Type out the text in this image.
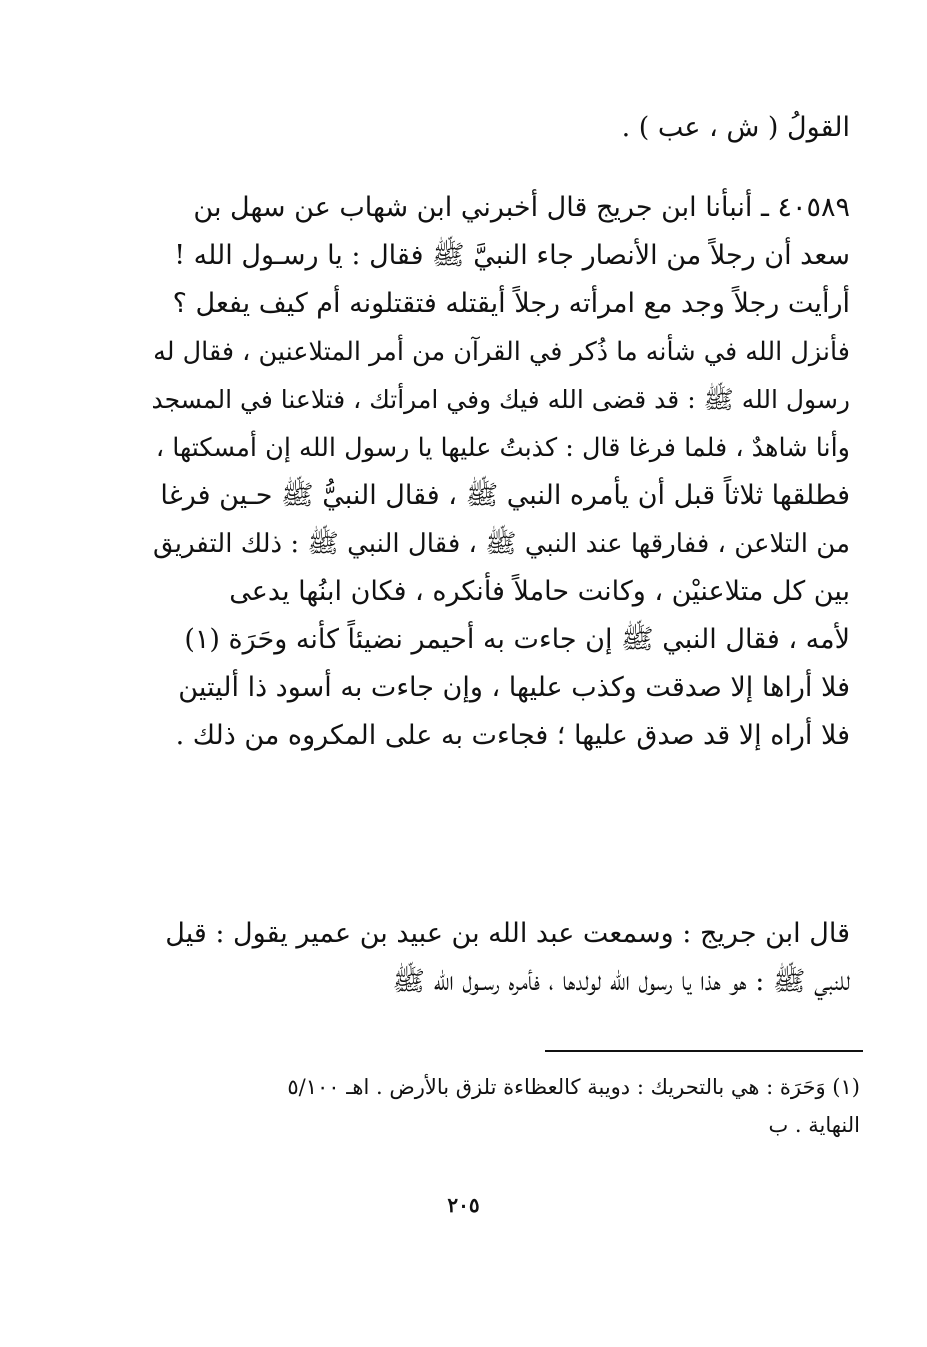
القولُ ( ش ، عب ) .
٤٠٥٨٩ ـ أنبأنا ابن جريج قال أخبرني ابن شهاب عن سهل بن
سعد أن رجلاً من الأنصار جاء النبيَّ ﷺ فقال : يا رسـول الله !
أرأيت رجلاً وجد مع امرأته رجلاً أيقتله فتقتلونه أم كيف يفعل ؟
فأنزل الله في شأنه ما ذُكر في القرآن من أمر المتلاعنين ، فقال له
رسول الله ﷺ : قد قضى الله فيك وفي امرأتك ، فتلاعنا في المسجد
وأنا شاهدٌ ، فلما فرغا قال : كذبتُ عليها يا رسول الله إن أمسكتها ،
فطلقها ثلاثاً قبل أن يأمره النبي ﷺ ، فقال النبيُّ ﷺ حـين فرغا
من التلاعن ، ففارقها عند النبي ﷺ ، فقال النبي ﷺ : ذلك التفريق
بين كل متلاعنيْن ، وكانت حاملاً فأنكره ، فكان ابنُها يدعى
لأمه ، فقال النبي ﷺ إن جاءت به أحيمر نضيئاً كأنه وحَرَة (١)
فلا أراها إلا صدقت وكذب عليها ، وإن جاءت به أسود ذا أليتين
فلا أراه إلا قد صدق عليها ؛ فجاءت به على المكروه من ذلك .
قال ابن جريج : وسمعت عبد الله بن عبيد بن عمير يقول : قيل
للنبي ﷺ : هو هذا يا رسول الله لولدها ، فأمره رسـول الله ﷺ
(١) وَحَرَة : هي بالتحريك : دويبة كالعظاءة تلزق بالأرض . اهـ ٥/١٠٠
النهاية . ب
٢٠٥
